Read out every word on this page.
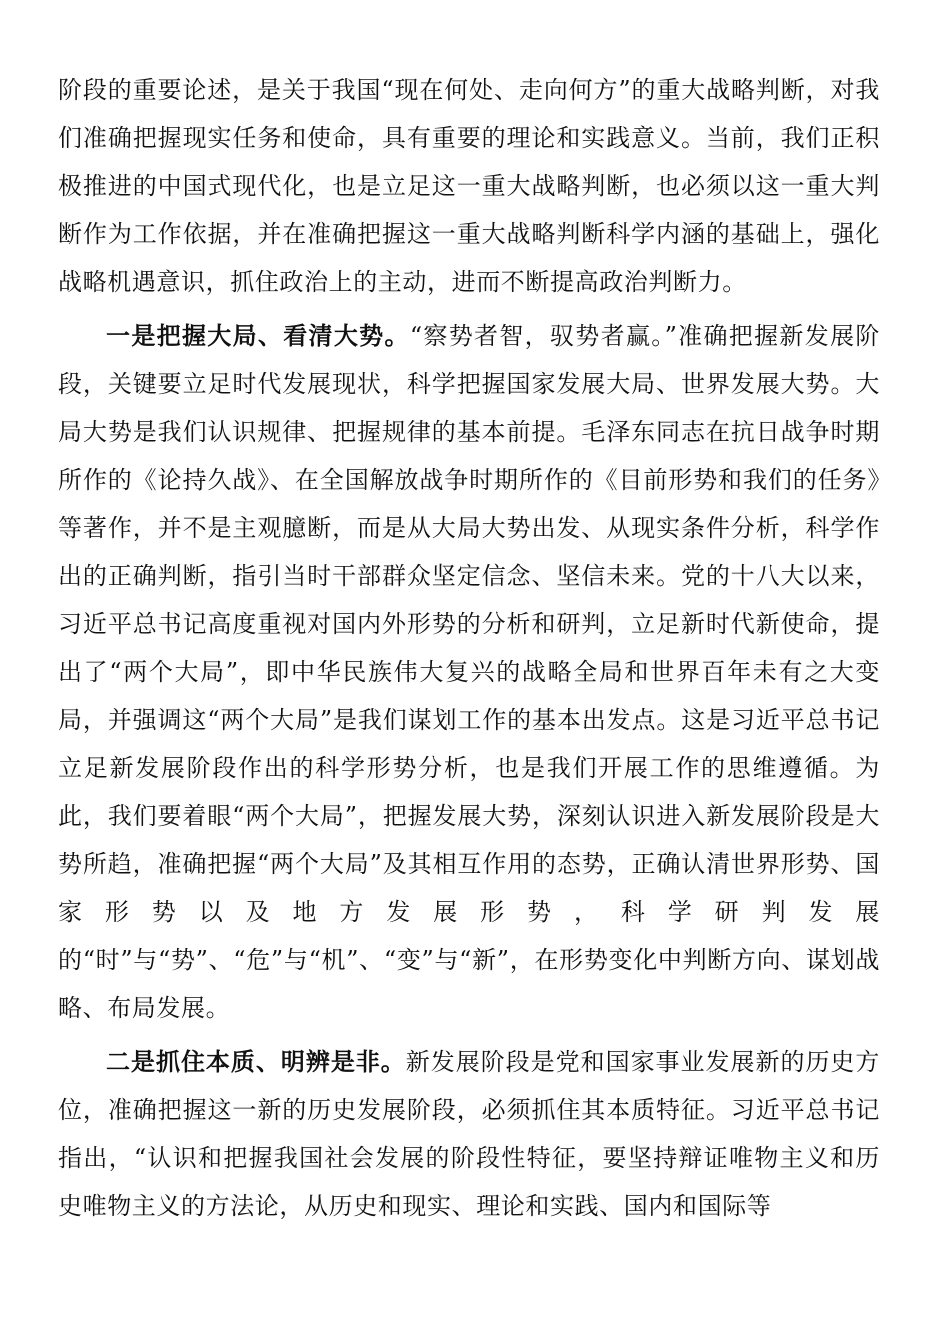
阶段的重要论述，是关于我国“现在何处、走向何方”的重大战略判断，对我们准确把握现实任务和使命，具有重要的理论和实践意义。当前，我们正积极推进的中国式现代化，也是立足这一重大战略判断，也必须以这一重大判断作为工作依据，并在准确把握这一重大战略判断科学内涵的基础上，强化战略机遇意识，抓住政治上的主动，进而不断提高政治判断力。

一是把握大局、看清大势。“察势者智，驭势者赢。”准确把握新发展阶段，关键要立足时代发展现状，科学把握国家发展大局、世界发展大势。大局大势是我们认识规律、把握规律的基本前提。毛泽东同志在抗日战争时期所作的《论持久战》、在全国解放战争时期所作的《目前形势和我们的任务》等著作，并不是主观臆断，而是从大局大势出发、从现实条件分析，科学作出的正确判断，指引当时干部群众坚定信念、坚信未来。党的十八大以来，习近平总书记高度重视对国内外形势的分析和研判，立足新时代新使命，提出了“两个大局”，即中华民族伟大复兴的战略全局和世界百年未有之大变局，并强调这“两个大局”是我们谋划工作的基本出发点。这是习近平总书记立足新发展阶段作出的科学形势分析，也是我们开展工作的思维遵循。为此，我们要着眼“两个大局”，把握发展大势，深刻认识进入新发展阶段是大势所趋，准确把握“两个大局”及其相互作用的态势，正确认清世界形势、国家形势以及地方发展形势，科学研判发展的“时”与“势”、“危”与“机”、“变”与“新”，在形势变化中判断方向、谋划战略、布局发展。

二是抓住本质、明辨是非。新发展阶段是党和国家事业发展新的历史方位，准确把握这一新的历史发展阶段，必须抓住其本质特征。习近平总书记指出，“认识和把握我国社会发展的阶段性特征，要坚持辩证唯物主义和历史唯物主义的方法论，从历史和现实、理论和实践、国内和国际等
